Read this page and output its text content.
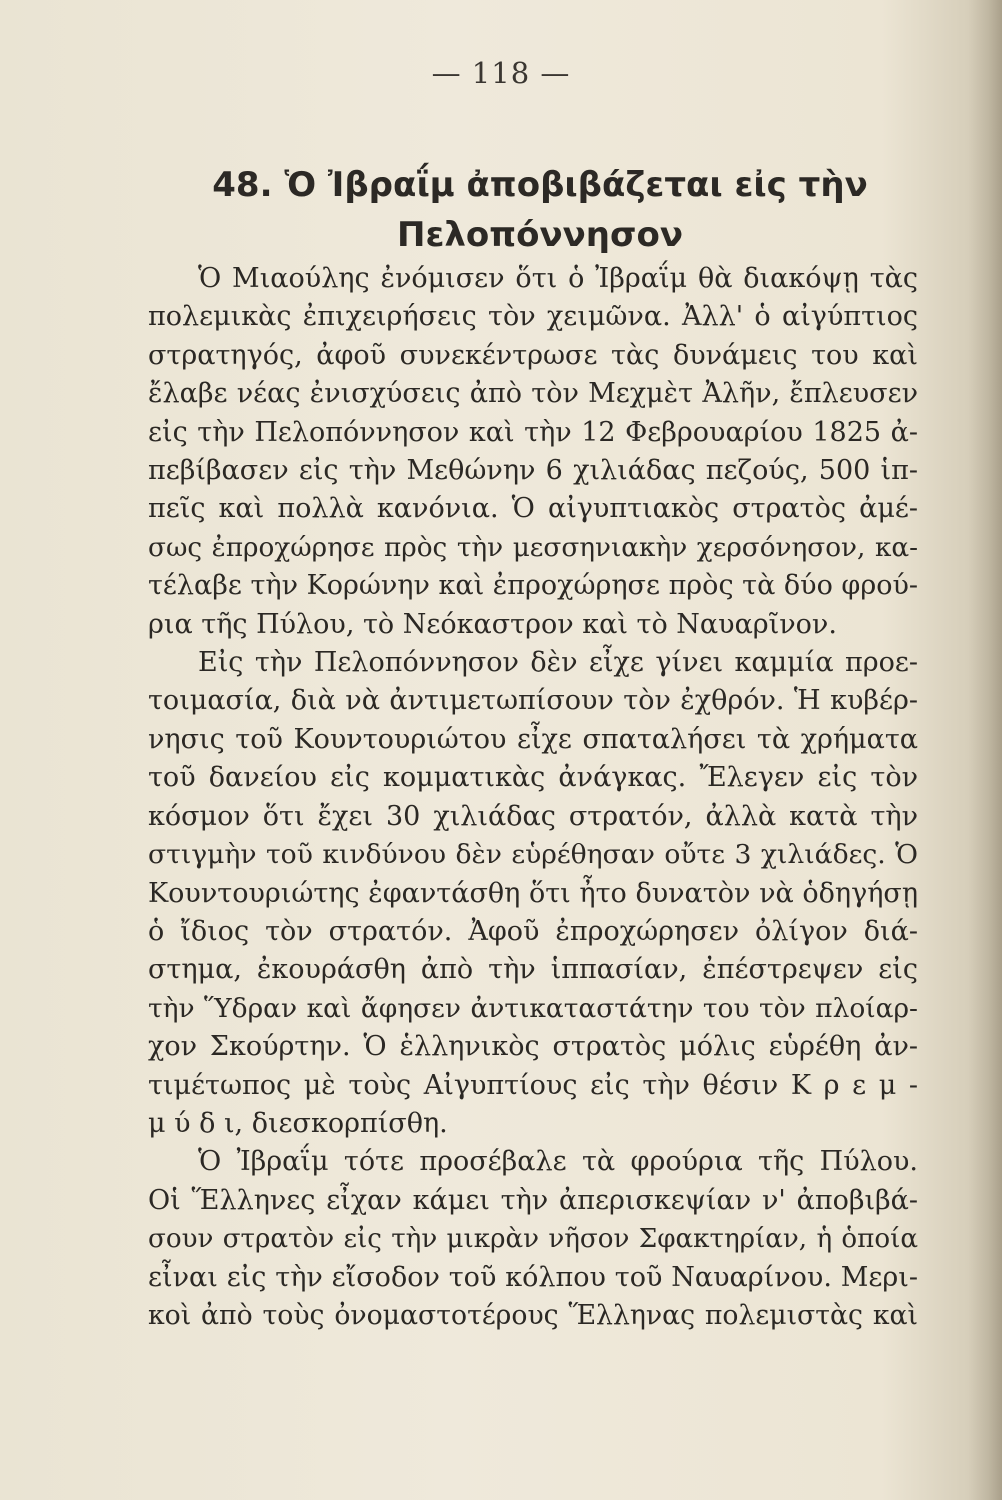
— 118 —
48. Ὁ Ἰβραΐμ ἀποβιβάζεται εἰς τὴν
Πελοπόννησον

Ὁ Μιαούλης ἐνόμισεν ὅτι ὁ Ἰβραΐμ θὰ διακόψῃ τὰς
πολεμικὰς ἐπιχειρήσεις τὸν χειμῶνα. Ἀλλ' ὁ αἰγύπτιος
στρατηγός, ἀφοῦ συνεκέντρωσε τὰς δυνάμεις του καὶ
ἔλαβε νέας ἐνισχύσεις ἀπὸ τὸν Μεχμὲτ Ἀλῆν, ἔπλευσεν
εἰς τὴν Πελοπόννησον καὶ τὴν 12 Φεβρουαρίου 1825 ἀ-
πεβίβασεν εἰς τὴν Μεθώνην 6 χιλιάδας πεζούς, 500 ἱπ-
πεῖς καὶ πολλὰ κανόνια. Ὁ αἰγυπτιακὸς στρατὸς ἀμέ-
σως ἐπροχώρησε πρὸς τὴν μεσσηνιακὴν χερσόνησον, κα-
τέλαβε τὴν Κορώνην καὶ ἐπροχώρησε πρὸς τὰ δύο φρού-
ρια τῆς Πύλου, τὸ Νεόκαστρον καὶ τὸ Ναυαρῖνον.

Εἰς τὴν Πελοπόννησον δὲν εἶχε γίνει καμμία προε-
τοιμασία, διὰ νὰ ἀντιμετωπίσουν τὸν ἐχθρόν. Ἡ κυβέρ-
νησις τοῦ Κουντουριώτου εἶχε σπαταλήσει τὰ χρήματα
τοῦ δανείου εἰς κομματικὰς ἀνάγκας. Ἔλεγεν εἰς τὸν
κόσμον ὅτι ἔχει 30 χιλιάδας στρατόν, ἀλλὰ κατὰ τὴν
στιγμὴν τοῦ κινδύνου δὲν εὑρέθησαν οὔτε 3 χιλιάδες. Ὁ
Κουντουριώτης ἐφαντάσθη ὅτι ἦτο δυνατὸν νὰ ὁδηγήσῃ
ὁ ἴδιος τὸν στρατόν. Ἀφοῦ ἐπροχώρησεν ὀλίγον διά-
στημα, ἐκουράσθη ἀπὸ τὴν ἱππασίαν, ἐπέστρεψεν εἰς
τὴν Ὕδραν καὶ ἄφησεν ἀντικαταστάτην του τὸν πλοίαρ-
χον Σκούρτην. Ὁ ἑλληνικὸς στρατὸς μόλις εὑρέθη ἀν-
τιμέτωπος μὲ τοὺς Αἰγυπτίους εἰς τὴν θέσιν Κ ρ ε μ -
μ ύ δ ι, διεσκορπίσθη.

Ὁ Ἰβραΐμ τότε προσέβαλε τὰ φρούρια τῆς Πύλου.
Οἱ Ἕλληνες εἶχαν κάμει τὴν ἀπερισκεψίαν ν' ἀποβιβά-
σουν στρατὸν εἰς τὴν μικρὰν νῆσον Σφακτηρίαν, ἡ ὁποία
εἶναι εἰς τὴν εἴσοδον τοῦ κόλπου τοῦ Ναυαρίνου. Μερι-
κοὶ ἀπὸ τοὺς ὀνομαστοτέρους Ἕλληνας πολεμιστὰς καὶ
